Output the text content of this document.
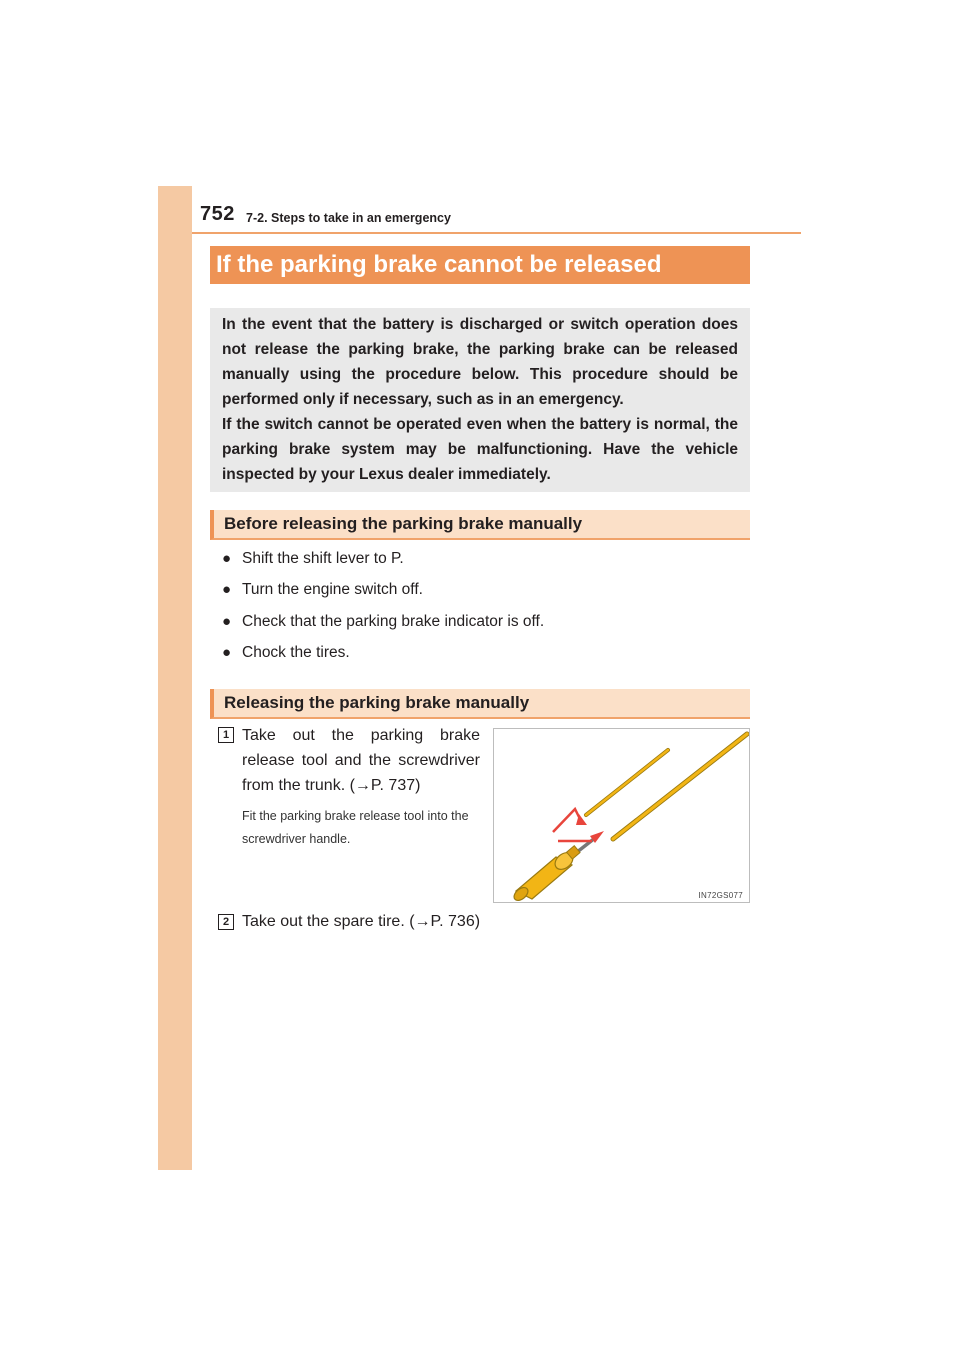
752 7-2. Steps to take in an emergency
If the parking brake cannot be released

In the event that the battery is discharged or switch operation does not release the parking brake, the parking brake can be released manually using the procedure below. This procedure should be performed only if necessary, such as in an emergency.

If the switch cannot be operated even when the battery is normal, the parking brake system may be malfunctioning. Have the vehicle inspected by your Lexus dealer immediately.

Before releasing the parking brake manually
● Shift the shift lever to P.
● Turn the engine switch off.
● Check that the parking brake indicator is off.
● Chock the tires.
Releasing the parking brake manually
1 Take out the parking brake release tool and the screwdriver from the trunk. (→P. 737)
Fit the parking brake release tool into the screwdriver handle.
IN72GS077
2 Take out the spare tire. (→P. 736)
